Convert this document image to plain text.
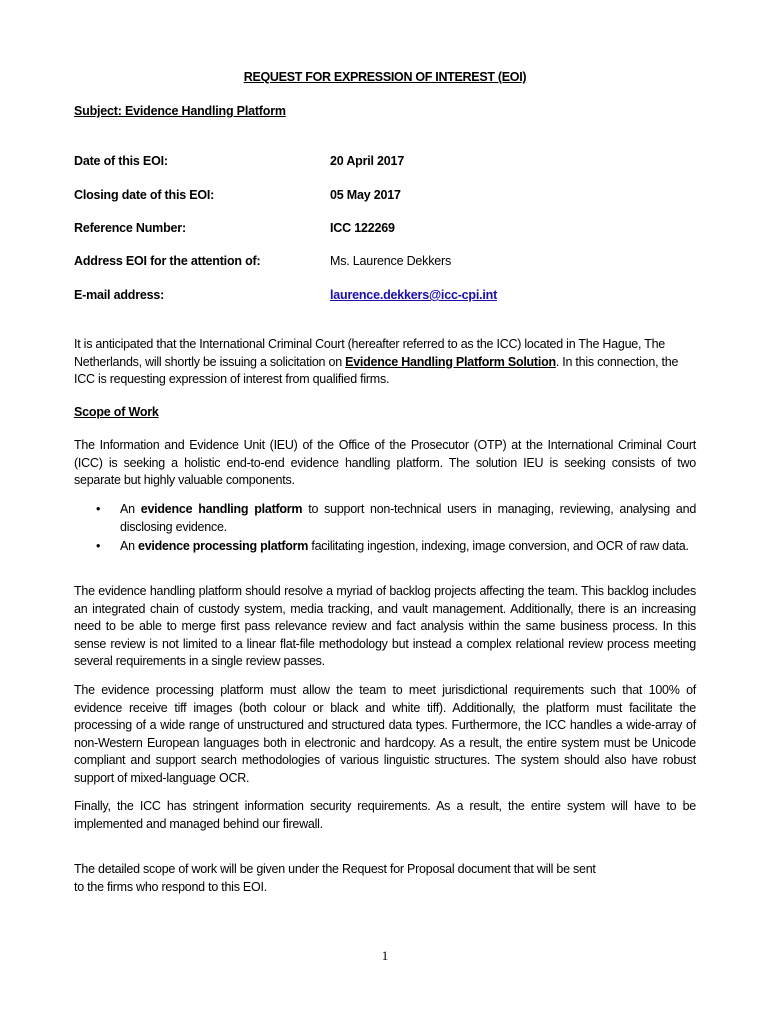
REQUEST FOR EXPRESSION OF INTEREST (EOI)
Subject: Evidence Handling Platform
Date of this EOI:	20 April 2017
Closing date of this EOI:	05 May 2017
Reference Number:	ICC 122269
Address EOI for the attention of:	Ms. Laurence Dekkers
E-mail address:	laurence.dekkers@icc-cpi.int
It is anticipated that the International Criminal Court (hereafter referred to as the ICC) located in The Hague, The Netherlands, will shortly be issuing a solicitation on Evidence Handling Platform Solution. In this connection, the ICC is requesting expression of interest from qualified firms.
Scope of Work
The Information and Evidence Unit (IEU) of the Office of the Prosecutor (OTP) at the International Criminal Court (ICC) is seeking a holistic end-to-end evidence handling platform. The solution IEU is seeking consists of two separate but highly valuable components.
• An evidence handling platform to support non-technical users in managing, reviewing, analysing and disclosing evidence.
• An evidence processing platform facilitating ingestion, indexing, image conversion, and OCR of raw data.
The evidence handling platform should resolve a myriad of backlog projects affecting the team. This backlog includes an integrated chain of custody system, media tracking, and vault management. Additionally, there is an increasing need to be able to merge first pass relevance review and fact analysis within the same business process. In this sense review is not limited to a linear flat-file methodology but instead a complex relational review process meeting several requirements in a single review passes.
The evidence processing platform must allow the team to meet jurisdictional requirements such that 100% of evidence receive tiff images (both colour or black and white tiff). Additionally, the platform must facilitate the processing of a wide range of unstructured and structured data types. Furthermore, the ICC handles a wide-array of non-Western European languages both in electronic and hardcopy. As a result, the entire system must be Unicode compliant and support search methodologies of various linguistic structures. The system should also have robust support of mixed-language OCR.
Finally, the ICC has stringent information security requirements. As a result, the entire system will have to be implemented and managed behind our firewall.
The detailed scope of work will be given under the Request for Proposal document that will be sent
to the firms who respond to this EOI.
1
